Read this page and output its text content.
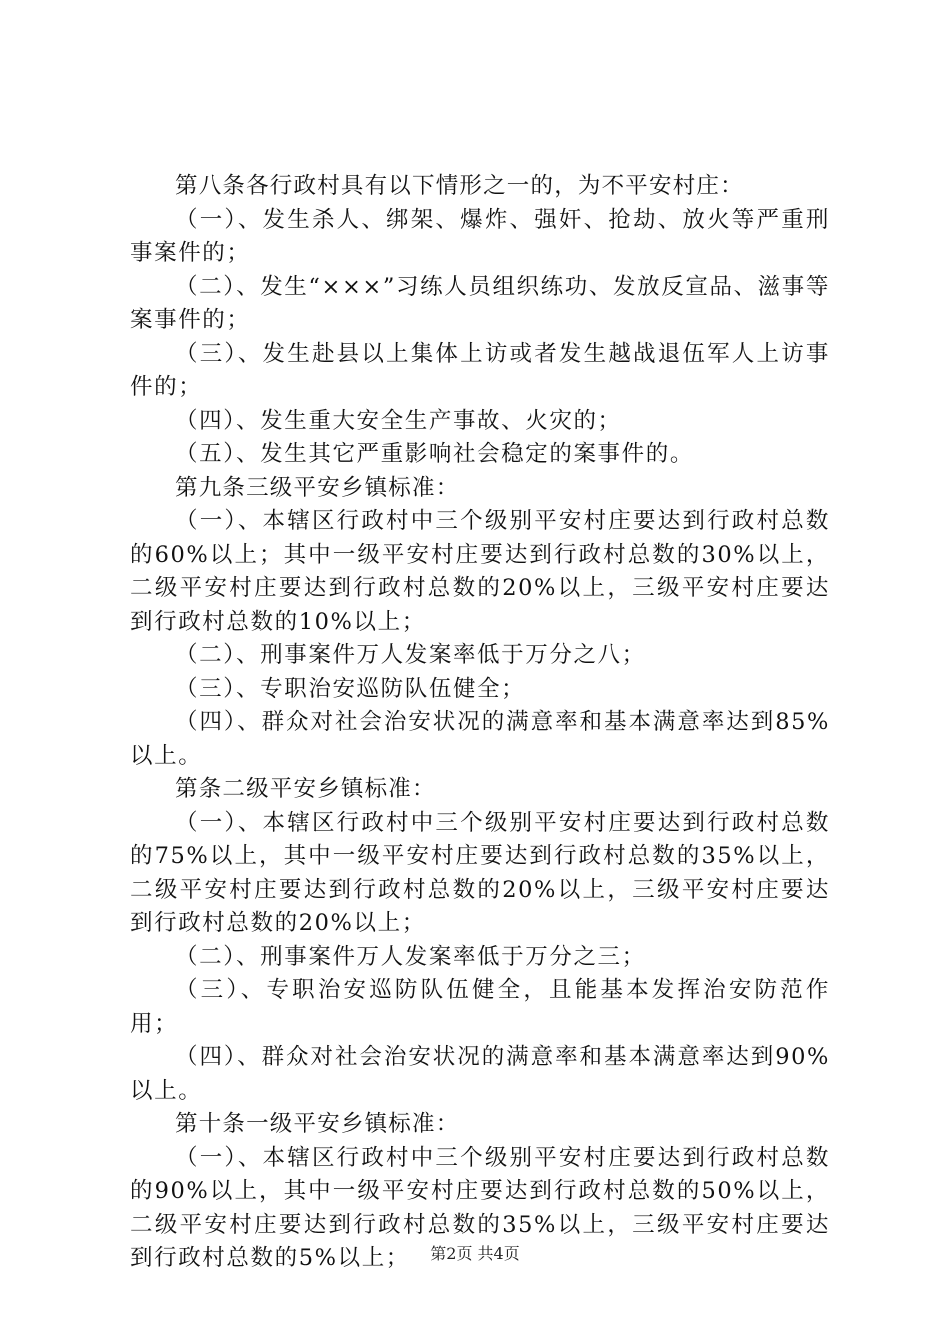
第八条各行政村具有以下情形之一的，为不平安村庄：

（一）、发生杀人、绑架、爆炸、强奸、抢劫、放火等严重刑事案件的；

（二）、发生“×××”习练人员组织练功、发放反宣品、滋事等案事件的；

（三）、发生赴县以上集体上访或者发生越战退伍军人上访事件的；

（四）、发生重大安全生产事故、火灾的；

（五）、发生其它严重影响社会稳定的案事件的。

第九条三级平安乡镇标准：

（一）、本辖区行政村中三个级别平安村庄要达到行政村总数的60%以上；其中一级平安村庄要达到行政村总数的30%以上，二级平安村庄要达到行政村总数的20%以上，三级平安村庄要达到行政村总数的10%以上；

（二）、刑事案件万人发案率低于万分之八；

（三）、专职治安巡防队伍健全；

（四）、群众对社会治安状况的满意率和基本满意率达到85%以上。

第条二级平安乡镇标准：

（一）、本辖区行政村中三个级别平安村庄要达到行政村总数的75%以上，其中一级平安村庄要达到行政村总数的35%以上，二级平安村庄要达到行政村总数的20%以上，三级平安村庄要达到行政村总数的20%以上；

（二）、刑事案件万人发案率低于万分之三；

（三）、专职治安巡防队伍健全，且能基本发挥治安防范作用；

（四）、群众对社会治安状况的满意率和基本满意率达到90%以上。

第十条一级平安乡镇标准：

（一）、本辖区行政村中三个级别平安村庄要达到行政村总数的90%以上，其中一级平安村庄要达到行政村总数的50%以上，二级平安村庄要达到行政村总数的35%以上，三级平安村庄要达到行政村总数的5%以上；	第2页 共4页
